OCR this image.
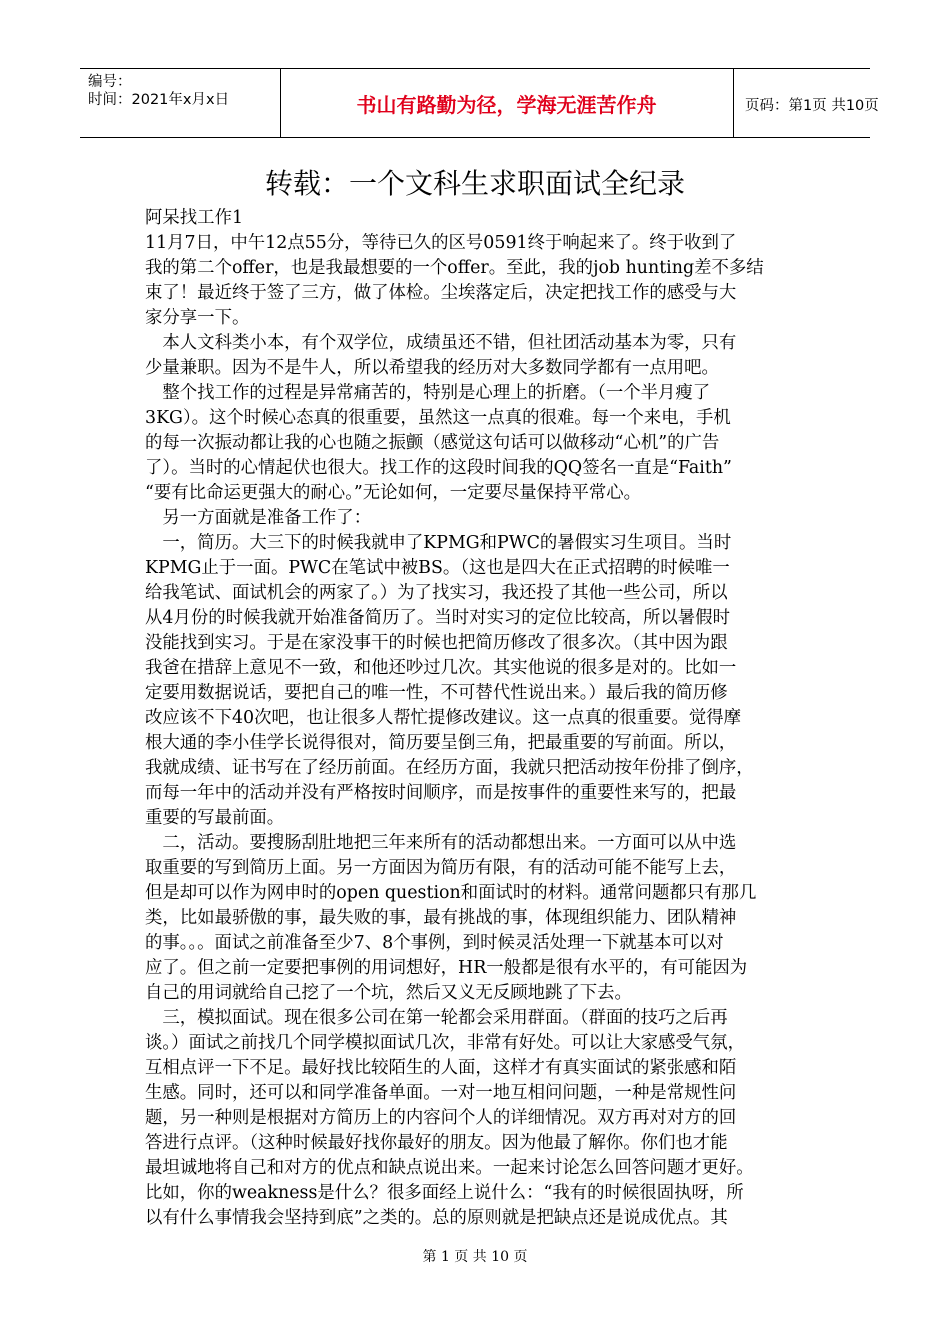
编号：
时间：2021年x月x日	书山有路勤为径，学海无涯苦作舟	页码：第1页 共10页
转载：一个文科生求职面试全纪录
阿呆找工作1
11月7日，中午12点55分，等待已久的区号0591终于响起来了。终于收到了
我的第二个offer，也是我最想要的一个offer。至此，我的job hunting差不多结
束了！最近终于签了三方，做了体检。尘埃落定后，决定把找工作的感受与大
家分享一下。
　本人文科类小本，有个双学位，成绩虽还不错，但社团活动基本为零，只有
少量兼职。因为不是牛人，所以希望我的经历对大多数同学都有一点用吧。
　整个找工作的过程是异常痛苦的，特别是心理上的折磨。（一个半月瘦了
3KG）。这个时候心态真的很重要，虽然这一点真的很难。每一个来电，手机
的每一次振动都让我的心也随之振颤（感觉这句话可以做移动“心机”的广告
了）。当时的心情起伏也很大。找工作的这段时间我的QQ签名一直是“Faith”
“要有比命运更强大的耐心。”无论如何，一定要尽量保持平常心。
　另一方面就是准备工作了：
　一，简历。大三下的时候我就申了KPMG和PWC的暑假实习生项目。当时
KPMG止于一面。PWC在笔试中被BS。（这也是四大在正式招聘的时候唯一
给我笔试、面试机会的两家了。）为了找实习，我还投了其他一些公司，所以
从4月份的时候我就开始准备简历了。当时对实习的定位比较高，所以暑假时
没能找到实习。于是在家没事干的时候也把简历修改了很多次。（其中因为跟
我爸在措辞上意见不一致，和他还吵过几次。其实他说的很多是对的。比如一
定要用数据说话，要把自己的唯一性，不可替代性说出来。）最后我的简历修
改应该不下40次吧，也让很多人帮忙提修改建议。这一点真的很重要。觉得摩
根大通的李小佳学长说得很对，简历要呈倒三角，把最重要的写前面。所以，
我就成绩、证书写在了经历前面。在经历方面，我就只把活动按年份排了倒序，
而每一年中的活动并没有严格按时间顺序，而是按事件的重要性来写的，把最
重要的写最前面。
　二，活动。要搜肠刮肚地把三年来所有的活动都想出来。一方面可以从中选
取重要的写到简历上面。另一方面因为简历有限，有的活动可能不能写上去，
但是却可以作为网申时的open question和面试时的材料。通常问题都只有那几
类，比如最骄傲的事，最失败的事，最有挑战的事，体现组织能力、团队精神
的事。。。面试之前准备至少7、8个事例，到时候灵活处理一下就基本可以对
应了。但之前一定要把事例的用词想好，HR一般都是很有水平的，有可能因为
自己的用词就给自己挖了一个坑，然后又义无反顾地跳了下去。
　三，模拟面试。现在很多公司在第一轮都会采用群面。（群面的技巧之后再
谈。）面试之前找几个同学模拟面试几次，非常有好处。可以让大家感受气氛，
互相点评一下不足。最好找比较陌生的人面，这样才有真实面试的紧张感和陌
生感。同时，还可以和同学准备单面。一对一地互相问问题，一种是常规性问
题，另一种则是根据对方简历上的内容问个人的详细情况。双方再对对方的回
答进行点评。（这种时候最好找你最好的朋友。因为他最了解你。你们也才能
最坦诚地将自己和对方的优点和缺点说出来。一起来讨论怎么回答问题才更好。
比如，你的weakness是什么？很多面经上说什么：“我有的时候很固执呀，所
以有什么事情我会坚持到底”之类的。总的原则就是把缺点还是说成优点。其
第 1 页 共 10 页
